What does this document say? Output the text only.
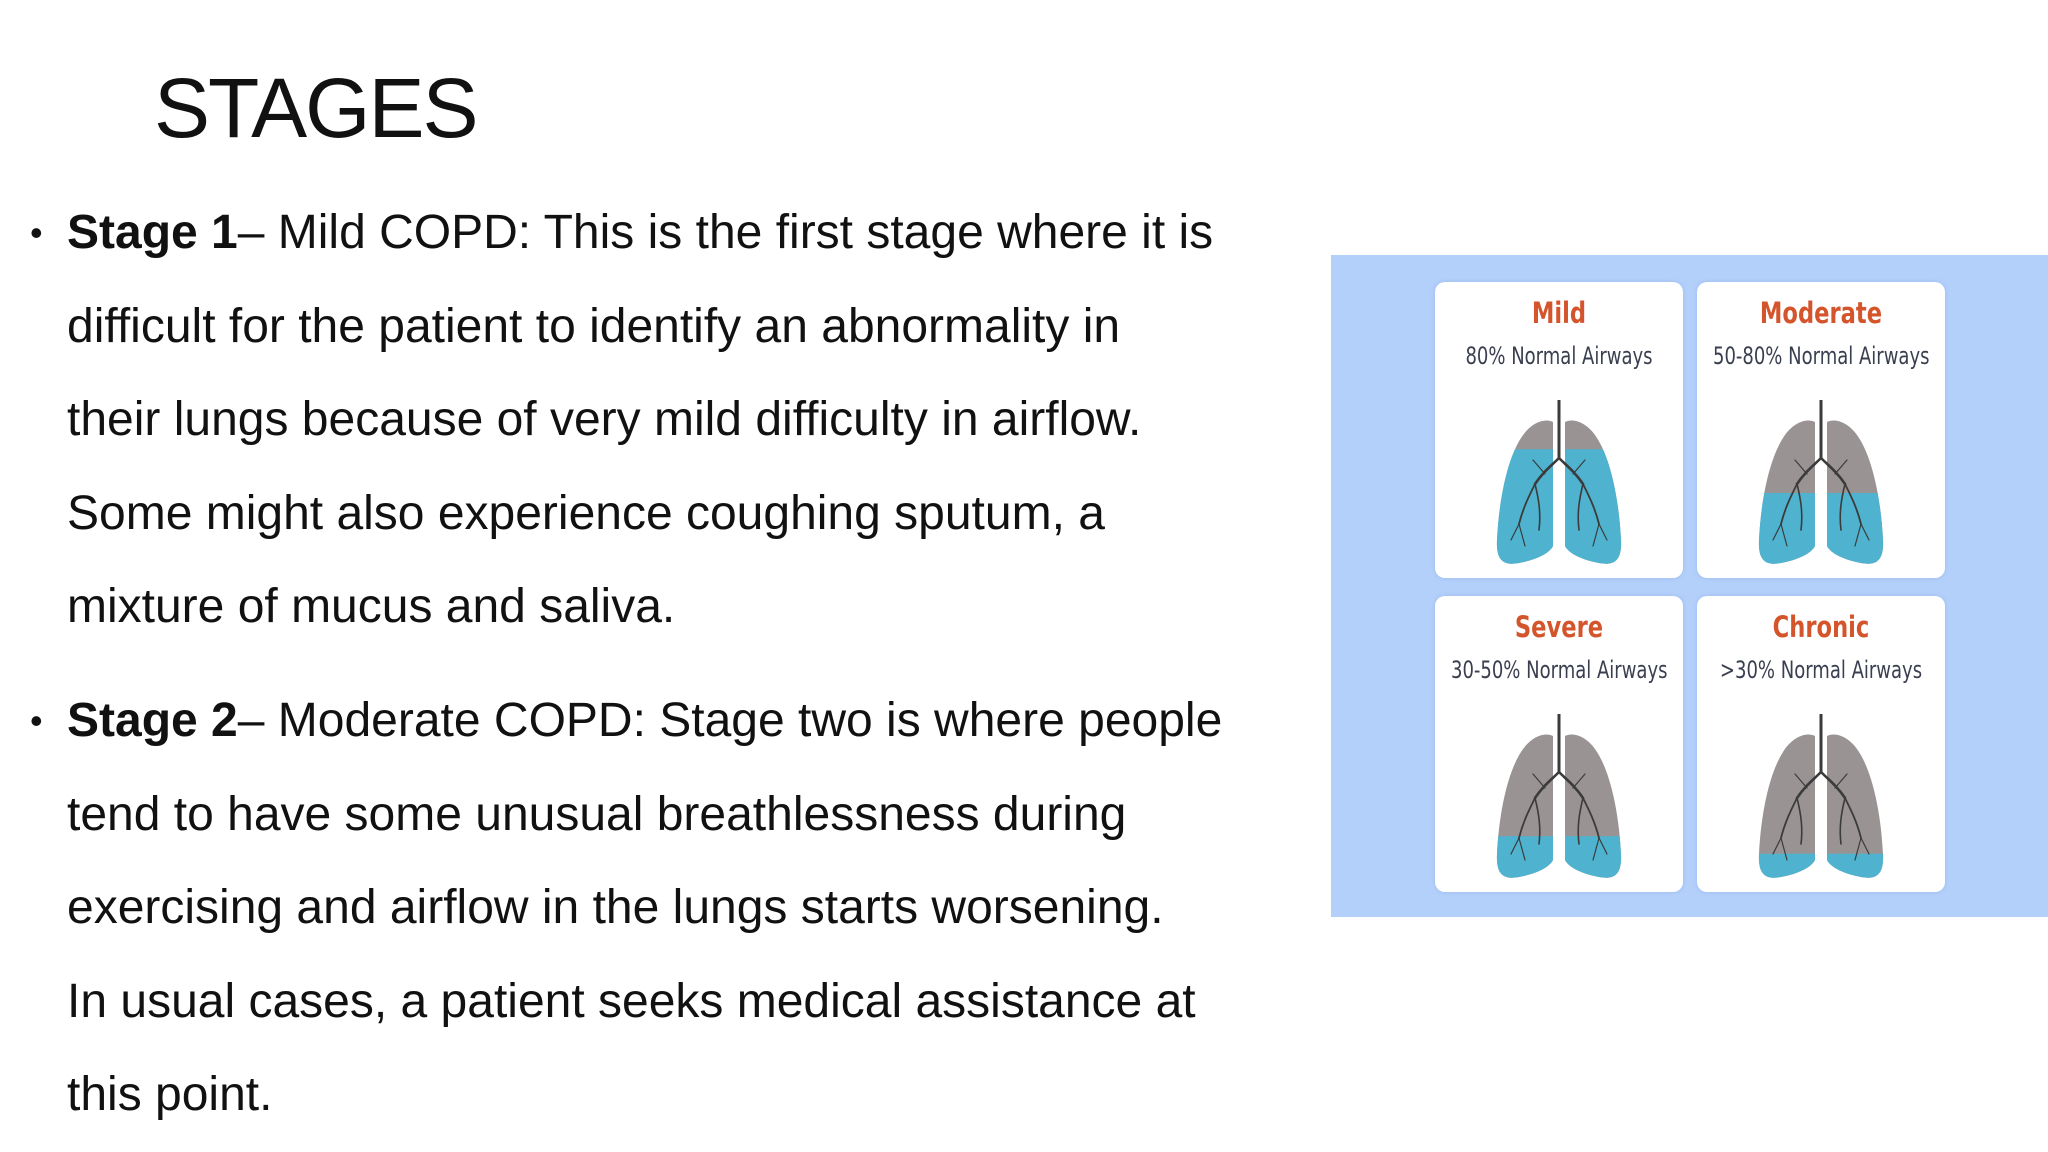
STAGES
• Stage 1– Mild COPD: This is the first stage where it is
difficult for the patient to identify an abnormality in
their lungs because of very mild difficulty in airflow.
Some might also experience coughing sputum, a
mixture of mucus and saliva.
• Stage 2– Moderate COPD: Stage two is where people
tend to have some unusual breathlessness during
exercising and airflow in the lungs starts worsening.
In usual cases, a patient seeks medical assistance at
this point.
Mild
80% Normal Airways
Moderate
50-80% Normal Airways
Severe
30-50% Normal Airways
Chronic
>30% Normal Airways
